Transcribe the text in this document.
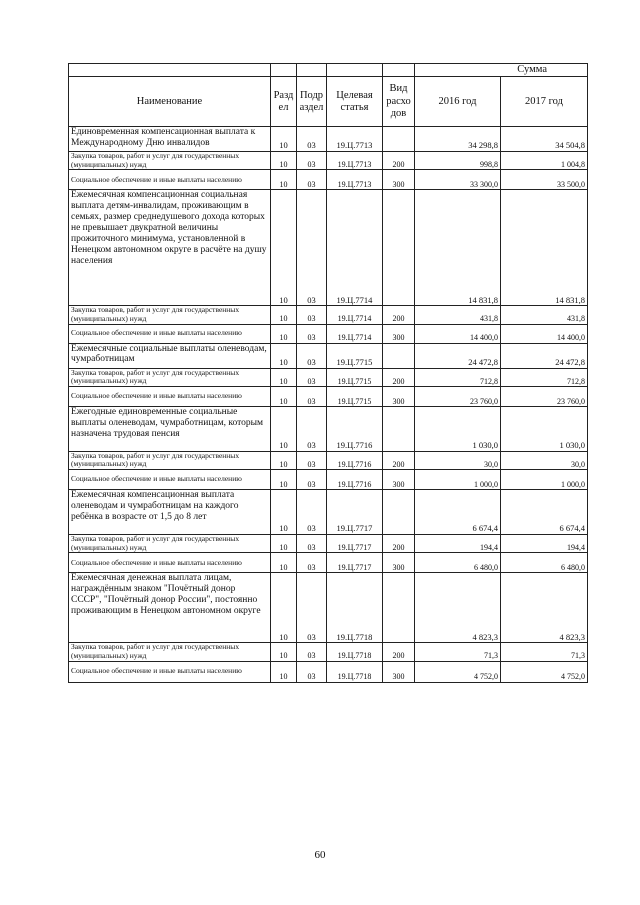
					Сумма	
Наименование	Разд ел	Подр аздел	Целевая статья	Вид расхо дов	2016 год	2017 год
Единовременная компенсационная выплата к Международному Дню инвалидов	10	03	19.Ц.7713		34 298,8	34 504,8
Закупка товаров, работ и услуг для государственных (муниципальных) нужд	10	03	19.Ц.7713	200	998,8	1 004,8
Социальное обеспечение и иные выплаты населению	10	03	19.Ц.7713	300	33 300,0	33 500,0
Ежемесячная компенсационная социальная выплата детям-инвалидам, проживающим в семьях, размер среднедушевого дохода которых не превышает двукратной величины прожиточного минимума, установленной в Ненецком автономном округе в расчёте на душу населения	10	03	19.Ц.7714		14 831,8	14 831,8
Закупка товаров, работ и услуг для государственных (муниципальных) нужд	10	03	19.Ц.7714	200	431,8	431,8
Социальное обеспечение и иные выплаты населению	10	03	19.Ц.7714	300	14 400,0	14 400,0
Ежемесячные социальные выплаты оленеводам, чумработницам	10	03	19.Ц.7715		24 472,8	24 472,8
Закупка товаров, работ и услуг для государственных (муниципальных) нужд	10	03	19.Ц.7715	200	712,8	712,8
Социальное обеспечение и иные выплаты населению	10	03	19.Ц.7715	300	23 760,0	23 760,0
Ежегодные единовременные социальные выплаты оленеводам, чумработницам, которым назначена трудовая пенсия	10	03	19.Ц.7716		1 030,0	1 030,0
Закупка товаров, работ и услуг для государственных (муниципальных) нужд	10	03	19.Ц.7716	200	30,0	30,0
Социальное обеспечение и иные выплаты населению	10	03	19.Ц.7716	300	1 000,0	1 000,0
Ежемесячная компенсационная выплата оленеводам и чумработницам на каждого ребёнка в возрасте от 1,5 до 8 лет	10	03	19.Ц.7717		6 674,4	6 674,4
Закупка товаров, работ и услуг для государственных (муниципальных) нужд	10	03	19.Ц.7717	200	194,4	194,4
Социальное обеспечение и иные выплаты населению	10	03	19.Ц.7717	300	6 480,0	6 480,0
Ежемесячная денежная выплата лицам, награждённым знаком "Почётный донор СССР", "Почётный донор России", постоянно проживающим в Ненецком автономном округе	10	03	19.Ц.7718		4 823,3	4 823,3
Закупка товаров, работ и услуг для государственных (муниципальных) нужд	10	03	19.Ц.7718	200	71,3	71,3
Социальное обеспечение и иные выплаты населению	10	03	19.Ц.7718	300	4 752,0	4 752,0
60
